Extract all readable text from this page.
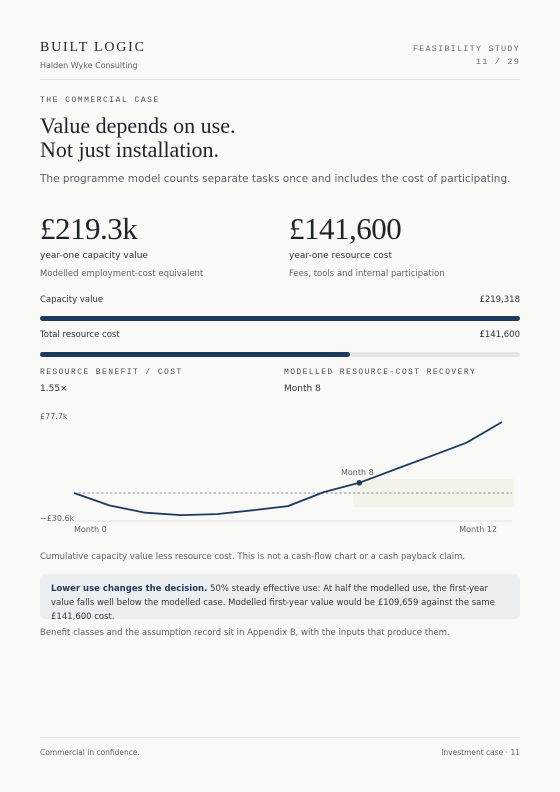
BUILT LOGIC
Halden Wyke Consulting
FEASIBILITY STUDY
11 / 29
THE COMMERCIAL CASE
Value depends on use.
Not just installation.
The programme model counts separate tasks once and includes the cost of participating.
£219.3k
year-one capacity value
Modelled employment-cost equivalent
£141,600
year-one resource cost
Fees, tools and internal participation
Capacity value	£219,318
Total resource cost	£141,600
RESOURCE BENEFIT / COST
1.55×
MODELLED RESOURCE-COST RECOVERY
Month 8
£77.7k
−£30.6k
Month 0	Month 12
Month 8
Cumulative capacity value less resource cost. This is not a cash-flow chart or a cash payback claim.
Lower use changes the decision. 50% steady effective use: At half the modelled use, the first-year value falls well below the modelled case. Modelled first-year value would be £109,659 against the same £141,600 cost.
Benefit classes and the assumption record sit in Appendix B, with the inputs that produce them.
Commercial in confidence.	Investment case · 11
